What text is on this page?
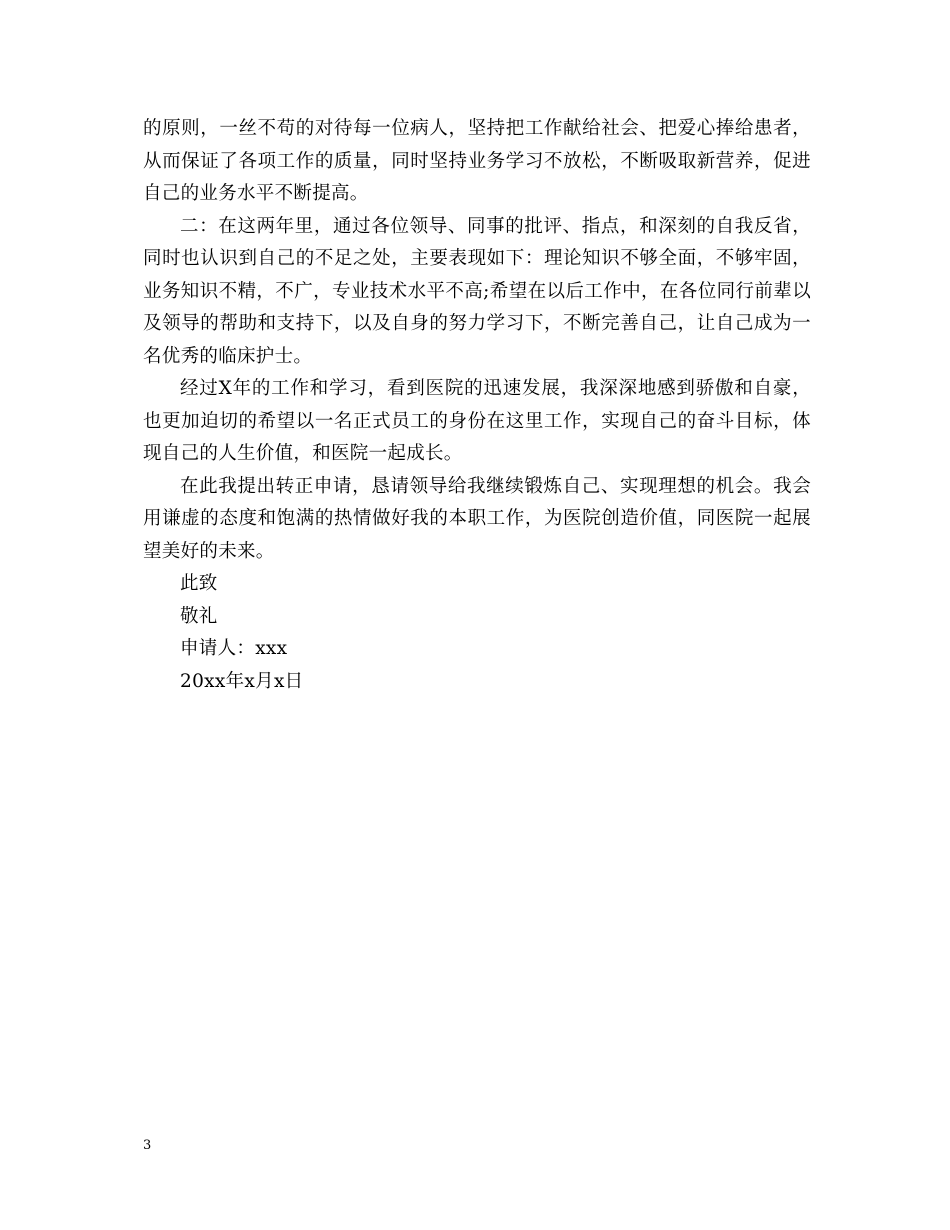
的原则，一丝不苟的对待每一位病人，坚持把工作献给社会、把爱心捧给患者，从而保证了各项工作的质量，同时坚持业务学习不放松，不断吸取新营养，促进自己的业务水平不断提高。

二：在这两年里，通过各位领导、同事的批评、指点，和深刻的自我反省，同时也认识到自己的不足之处，主要表现如下：理论知识不够全面，不够牢固，业务知识不精，不广，专业技术水平不高;希望在以后工作中，在各位同行前辈以及领导的帮助和支持下，以及自身的努力学习下，不断完善自己，让自己成为一名优秀的临床护士。

经过X年的工作和学习，看到医院的迅速发展，我深深地感到骄傲和自豪，也更加迫切的希望以一名正式员工的身份在这里工作，实现自己的奋斗目标，体现自己的人生价值，和医院一起成长。

在此我提出转正申请，恳请领导给我继续锻炼自己、实现理想的机会。我会用谦虚的态度和饱满的热情做好我的本职工作，为医院创造价值，同医院一起展望美好的未来。

此致

敬礼

申请人：xxx

20xx年x月x日

3
